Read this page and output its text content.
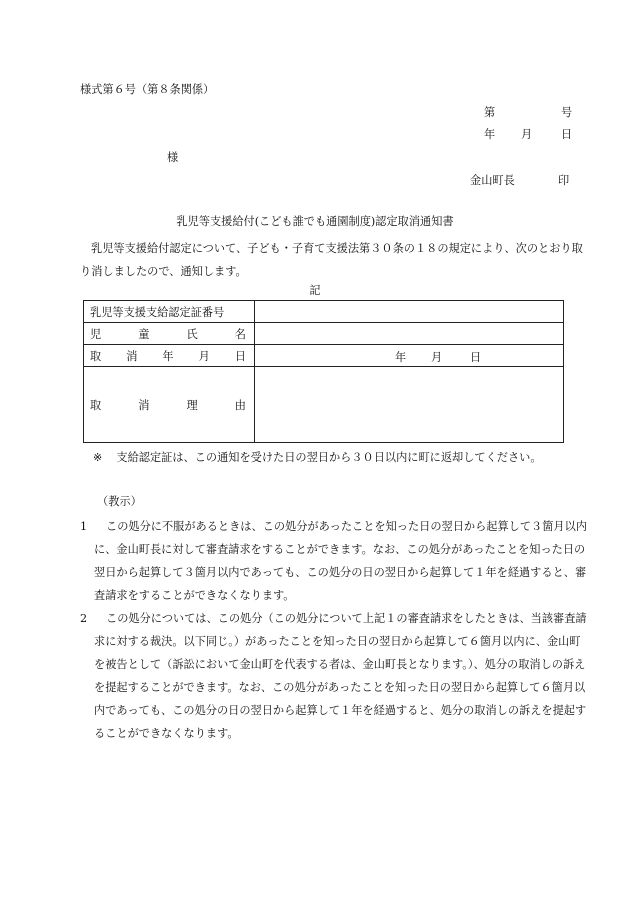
様式第６号（第８条関係）
第	号
年 月	日
様
金山町長	印
乳児等支援給付(こども誰でも通園制度)認定取消通知書
乳児等支援給付認定について、子ども・子育て支援法第３０条の１８の規定により、次のとおり取り消しましたので、通知します。
記
乳児等支援支給認定証番号	

児 童 氏 名	

取 消 年 月 日	年 月 日

取 消 理 由	

※ 支給認定証は、この通知を受けた日の翌日から３０日以内に町に返却してください。
（教示）
1	この処分に不服があるときは、この処分があったことを知った日の翌日から起算して３箇月以内に、金山町長に対して審査請求をすることができます。なお、この処分があったことを知った日の翌日から起算して３箇月以内であっても、この処分の日の翌日から起算して１年を経過すると、審査請求をすることができなくなります。
2	この処分については、この処分（この処分について上記１の審査請求をしたときは、当該審査請求に対する裁決。以下同じ。）があったことを知った日の翌日から起算して６箇月以内に、金山町を被告として（訴訟において金山町を代表する者は、金山町長となります。）、処分の取消しの訴えを提起することができます。なお、この処分があったことを知った日の翌日から起算して６箇月以内であっても、この処分の日の翌日から起算して１年を経過すると、処分の取消しの訴えを提起することができなくなります。
